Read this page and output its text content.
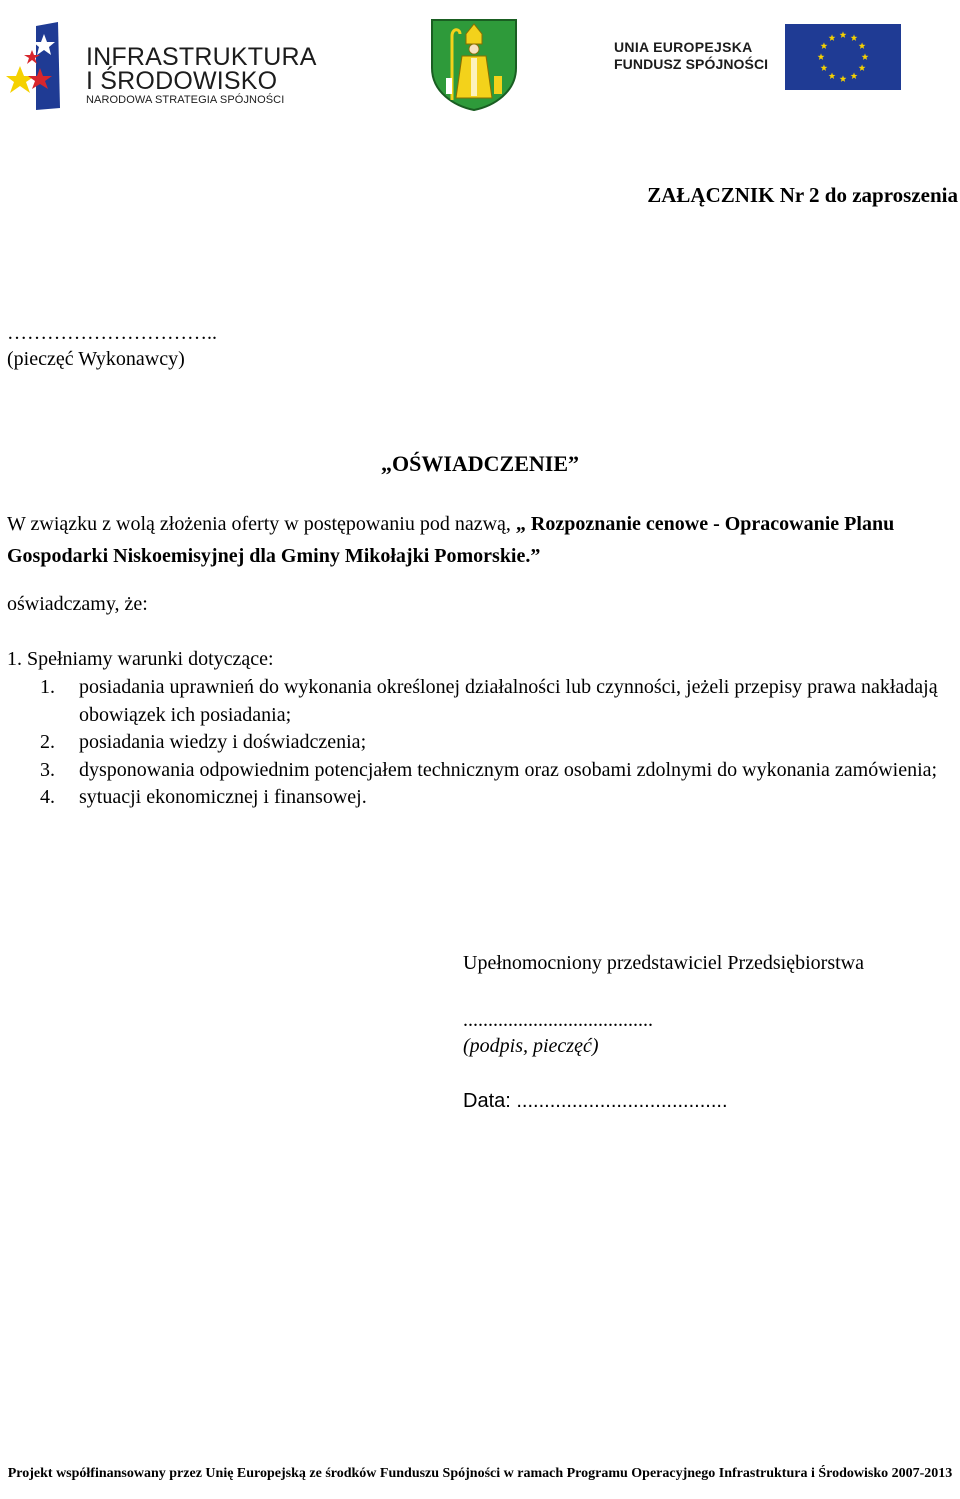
INFRASTRUKTURA
I ŚRODOWISKO
NARODOWA STRATEGIA SPÓJNOŚCI
UNIA EUROPEJSKA
FUNDUSZ SPÓJNOŚCI
ZAŁĄCZNIK Nr 2 do zaproszenia
…………………………..
(pieczęć Wykonawcy)
„OŚWIADCZENIE”
W związku z wolą złożenia oferty w postępowaniu pod nazwą, „ Rozpoznanie cenowe - Opracowanie Planu Gospodarki Niskoemisyjnej dla Gminy Mikołajki Pomorskie.”
oświadczamy, że:
1. Spełniamy warunki dotyczące:
1. posiadania uprawnień do wykonania określonej działalności lub czynności, jeżeli przepisy prawa nakładają obowiązek ich posiadania;
2. posiadania wiedzy i doświadczenia;
3. dysponowania odpowiednim potencjałem technicznym oraz osobami zdolnymi do wykonania zamówienia;
4. sytuacji ekonomicznej i finansowej.
Upełnomocniony przedstawiciel Przedsiębiorstwa
......................................
(podpis, pieczęć)
Data: ......................................
Projekt współfinansowany przez Unię Europejską ze środków Funduszu Spójności w ramach Programu Operacyjnego Infrastruktura i Środowisko 2007-2013
